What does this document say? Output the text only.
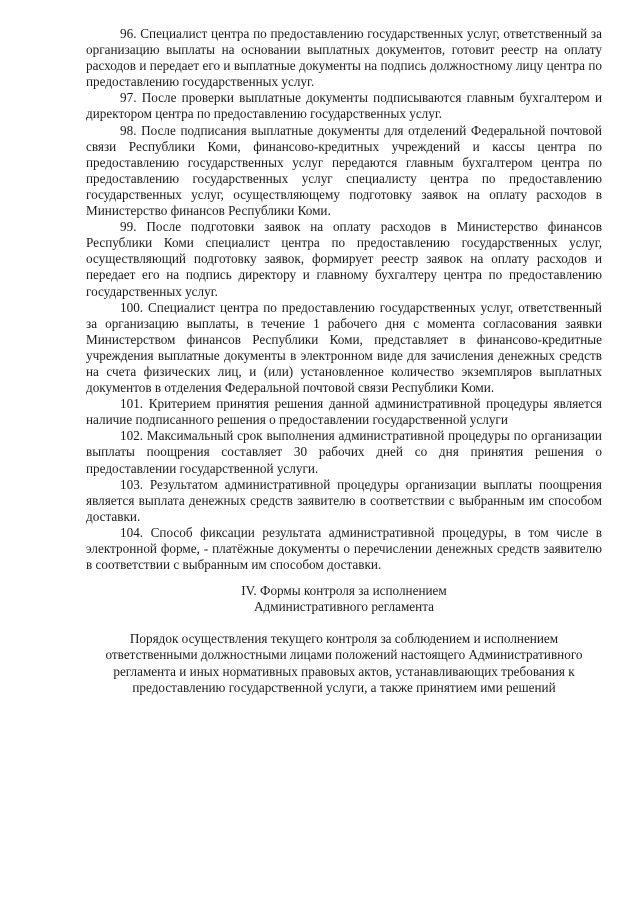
96. Специалист центра по предоставлению государственных услуг, ответственный за организацию выплаты на основании выплатных документов, готовит реестр на оплату расходов и передает его и выплатные документы на подпись должностному лицу центра по предоставлению государственных услуг.

97. После проверки выплатные документы подписываются главным бухгалтером и директором центра по предоставлению государственных услуг.

98. После подписания выплатные документы для отделений Федеральной почтовой связи Республики Коми, финансово-кредитных учреждений и кассы центра по предоставлению государственных услуг передаются главным бухгалтером центра по предоставлению государственных услуг специалисту центра по предоставлению государственных услуг, осуществляющему подготовку заявок на оплату расходов в Министерство финансов Республики Коми.

99. После подготовки заявок на оплату расходов в Министерство финансов Республики Коми специалист центра по предоставлению государственных услуг, осуществляющий подготовку заявок, формирует реестр заявок на оплату расходов и передает его на подпись директору и главному бухгалтеру центра по предоставлению государственных услуг.

100. Специалист центра по предоставлению государственных услуг, ответственный за организацию выплаты, в течение 1 рабочего дня с момента согласования заявки Министерством финансов Республики Коми, представляет в финансово-кредитные учреждения выплатные документы в электронном виде для зачисления денежных средств на счета физических лиц, и (или) установленное количество экземпляров выплатных документов в отделения Федеральной почтовой связи Республики Коми.

101. Критерием принятия решения данной административной процедуры является наличие подписанного решения о предоставлении государственной услуги

102. Максимальный срок выполнения административной процедуры по организации выплаты поощрения составляет 30 рабочих дней со дня принятия решения о предоставлении государственной услуги.

103. Результатом административной процедуры организации выплаты поощрения является выплата денежных средств заявителю в соответствии с выбранным им способом доставки.

104. Способ фиксации результата административной процедуры, в том числе в электронной форме, - платёжные документы о перечислении денежных средств заявителю в соответствии с выбранным им способом доставки.

IV. Формы контроля за исполнением
Административного регламента

Порядок осуществления текущего контроля за соблюдением и исполнением ответственными должностными лицами положений настоящего Административного регламента и иных нормативных правовых актов, устанавливающих требования к предоставлению государственной услуги, а также принятием ими решений
